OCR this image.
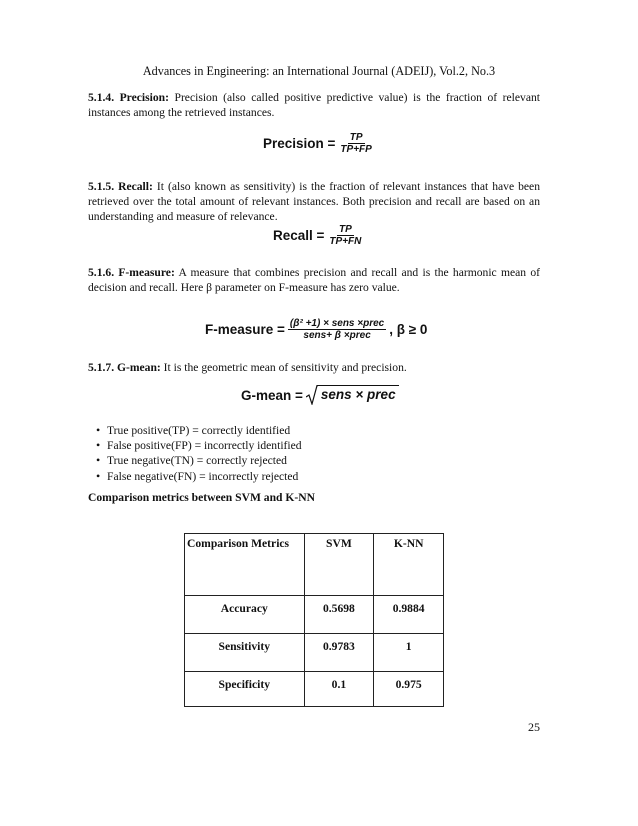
Advances in Engineering: an International Journal (ADEIJ), Vol.2, No.3

5.1.4. Precision: Precision (also called positive predictive value) is the fraction of relevant instances among the retrieved instances.

Precision = $\frac{TP}{TP+FP}$

5.1.5. Recall: It (also known as sensitivity) is the fraction of relevant instances that have been retrieved over the total amount of relevant instances. Both precision and recall are based on an understanding and measure of relevance.

Recall = $\frac{TP}{TP+FN}$

5.1.6. F-measure: A measure that combines precision and recall and is the harmonic mean of decision and recall. Here β parameter on F-measure has zero value.

F-measure = $\frac{\text{(β² +1) × sens ×prec}}{\text{sens+ β ×prec}}$ , β ≥ 0

5.1.7. G-mean: It is the geometric mean of sensitivity and precision.

G-mean = sens × prec
• True positive(TP) = correctly identified
• False positive(FP) = incorrectly identified
• True negative(TN) = correctly rejected
• False negative(FN) = incorrectly rejected
Comparison metrics between SVM and K-NN
Comparison Metrics	SVM	K-NN
Accuracy	0.5698	0.9884
Sensitivity	0.9783	1
Specificity	0.1	0.975
25
